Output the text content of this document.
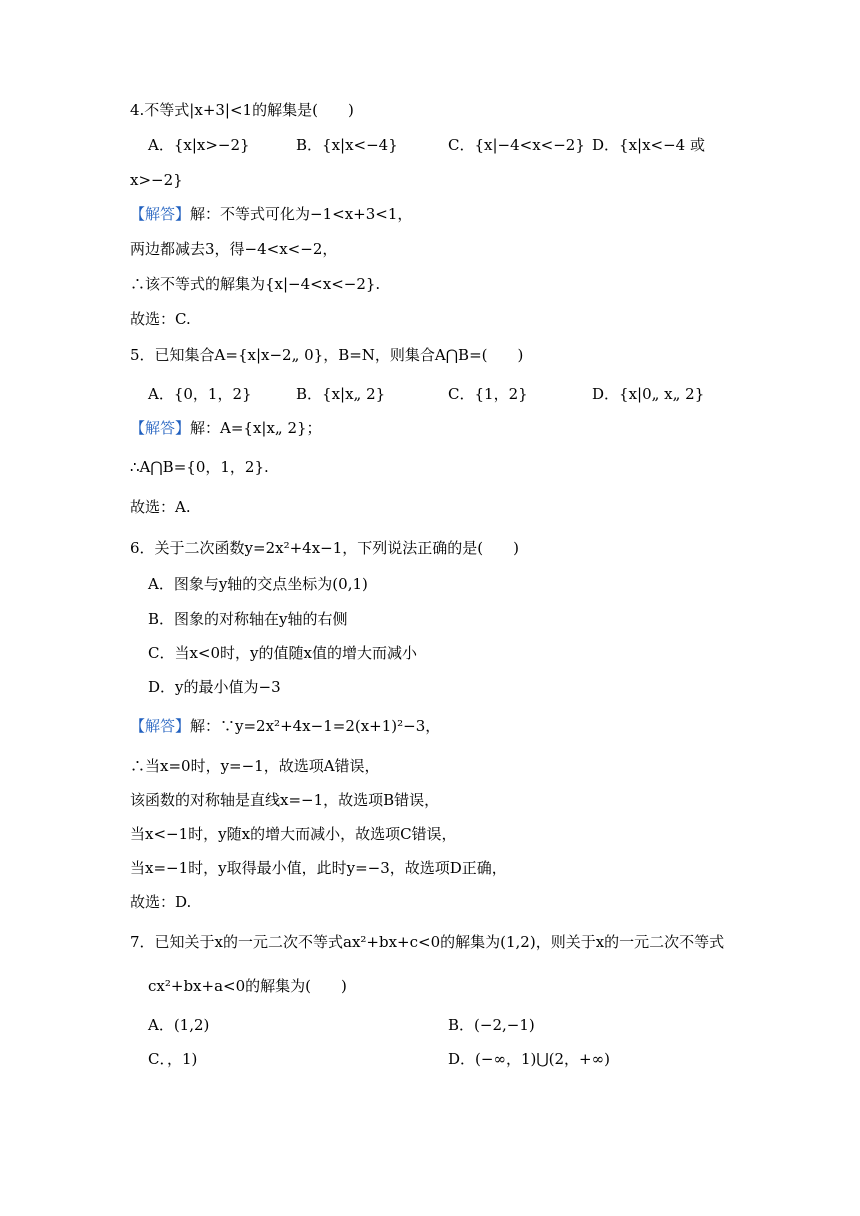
4.不等式|x+3|<1的解集是(　　)
A．{x|x>−2}	B．{x|x<−4}	C．{x|−4<x<−2} D．{x|x<−4 或
x>−2}
【解答】解：不等式可化为−1<x+3<1，
两边都减去3，得−4<x<−2，
∴该不等式的解集为{x|−4<x<−2}.
故选：C.
5．已知集合A={x|x−2„ 0}，B=N，则集合A⋂B=(　　)
A．{0，1，2}	B．{x|x„ 2}	C．{1，2}	D．{x|0„ x„ 2}
【解答】解：A={x|x„ 2}；
∴A⋂B={0，1，2}.
故选：A.
6．关于二次函数y=2x²+4x−1，下列说法正确的是(　　)
A．图象与y轴的交点坐标为(0,1)
B．图象的对称轴在y轴的右侧
C．当x<0时，y的值随x值的增大而减小
D．y的最小值为−3
【解答】解：∵y=2x²+4x−1=2(x+1)²−3，
∴当x=0时，y=−1，故选项A错误，
该函数的对称轴是直线x=−1，故选项B错误，
当x<−1时，y随x的增大而减小，故选项C错误，
当x=−1时，y取得最小值，此时y=−3，故选项D正确，
故选：D.
7．已知关于x的一元二次不等式ax²+bx+c<0的解集为(1,2)，则关于x的一元二次不等式
cx²+bx+a<0的解集为(　　)
A．(1,2)	B．(−2,−1)
C．，1)	D．(−∞，1)⋃(2，+∞)
